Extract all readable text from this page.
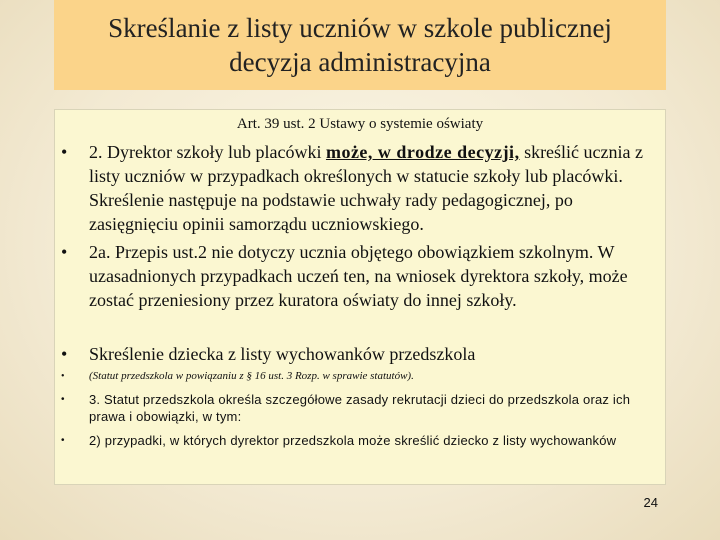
Skreślanie z listy uczniów w szkole publicznej
decyzja administracyjna
Art. 39 ust. 2 Ustawy o systemie oświaty
• 2. Dyrektor szkoły lub placówki może, w drodze decyzji, skreślić ucznia z listy uczniów w przypadkach określonych w statucie szkoły lub placówki. Skreślenie następuje na podstawie uchwały rady pedagogicznej, po zasięgnięciu opinii samorządu uczniowskiego.
• 2a. Przepis ust.2 nie dotyczy ucznia objętego obowiązkiem szkolnym. W uzasadnionych przypadkach uczeń ten, na wniosek dyrektora szkoły, może zostać przeniesiony przez kuratora oświaty do innej szkoły.
• Skreślenie dziecka z listy wychowanków przedszkola
• (Statut przedszkola w powiązaniu z § 16 ust. 3 Rozp. w sprawie statutów).
• 3. Statut przedszkola określa szczegółowe zasady rekrutacji dzieci do przedszkola oraz ich prawa i obowiązki, w tym:
• 2) przypadki, w których dyrektor przedszkola może skreślić dziecko z listy wychowanków
24
